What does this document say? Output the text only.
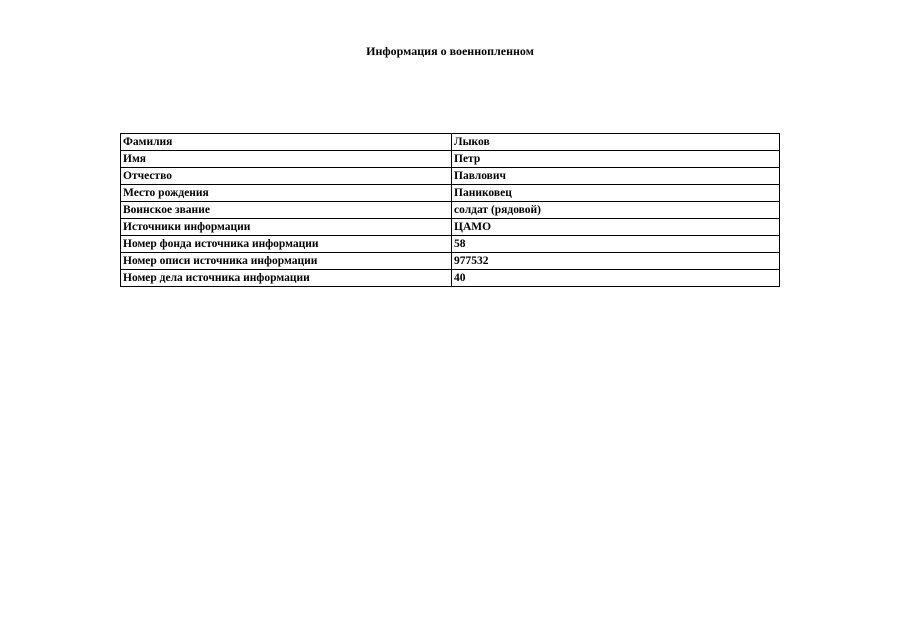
Информация о военнопленном
Фамилия	Лыков
Имя	Петр
Отчество	Павлович
Место рождения	Паниковец
Воинское звание	солдат (рядовой)
Источники информации	ЦАМО
Номер фонда источника информации	58
Номер описи источника информации	977532
Номер дела источника информации	40
